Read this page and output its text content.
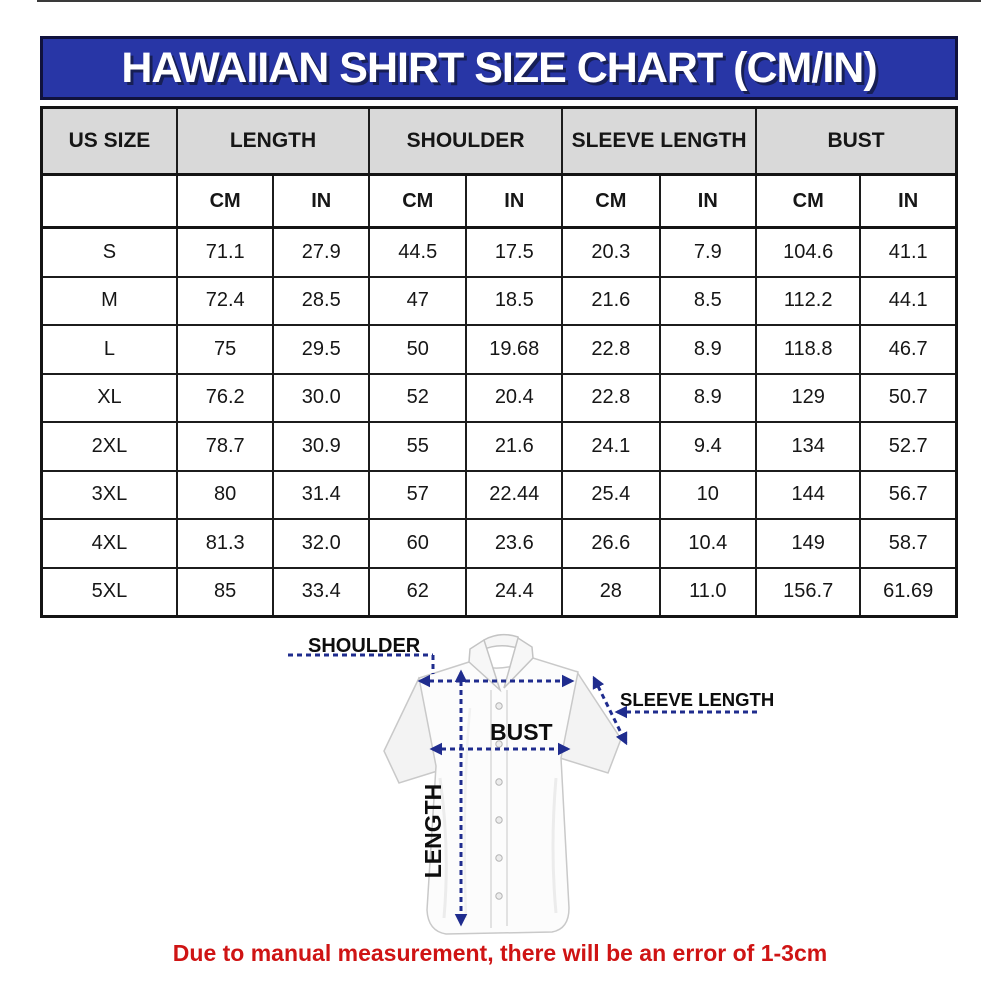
HAWAIIAN SHIRT SIZE CHART (CM/IN)
US SIZE	LENGTH		SHOULDER		SLEEVE LENGTH		BUST	
	CM	IN	CM	IN	CM	IN	CM	IN
S	71.1	27.9	44.5	17.5	20.3	7.9	104.6	41.1
M	72.4	28.5	47	18.5	21.6	8.5	112.2	44.1
L	75	29.5	50	19.68	22.8	8.9	118.8	46.7
XL	76.2	30.0	52	20.4	22.8	8.9	129	50.7
2XL	78.7	30.9	55	21.6	24.1	9.4	134	52.7
3XL	80	31.4	57	22.44	25.4	10	144	56.7
4XL	81.3	32.0	60	23.6	26.6	10.4	149	58.7
5XL	85	33.4	62	24.4	28	11.0	156.7	61.69
SHOULDER
SLEEVE LENGTH
BUST
LENGTH
Due to manual measurement, there will be an error of 1-3cm
